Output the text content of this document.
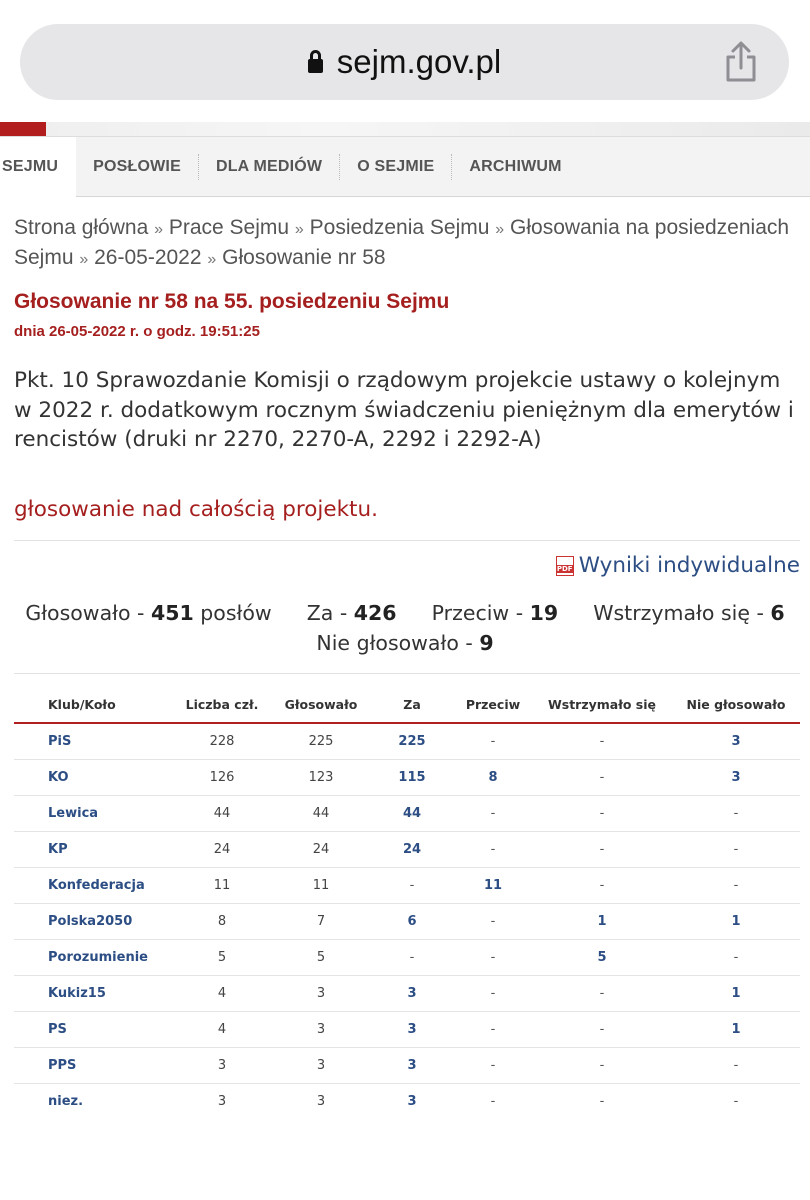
sejm.gov.pl
SEJMU	POSŁOWIE	DLA MEDIÓW	O SEJMIE	ARCHIWUM
Strona główna » Prace Sejmu » Posiedzenia Sejmu » Głosowania na posiedzeniach Sejmu » 26-05-2022 » Głosowanie nr 58
Głosowanie nr 58 na 55. posiedzeniu Sejmu
dnia 26-05-2022 r. o godz. 19:51:25
Pkt. 10 Sprawozdanie Komisji o rządowym projekcie ustawy o kolejnym w 2022 r. dodatkowym rocznym świadczeniu pieniężnym dla emerytów i rencistów (druki nr 2270, 2270-A, 2292 i 2292-A)
głosowanie nad całością projektu.
PDF Wyniki indywidualne
Głosowało - 451 posłów Za - 426 Przeciw - 19 Wstrzymało się - 6
Nie głosowało - 9
Klub/Koło	Liczba czł.	Głosowało	Za	Przeciw	Wstrzymało się	Nie głosowało
PiS	228	225	225	-	-	3
KO	126	123	115	8	-	3
Lewica	44	44	44	-	-	-
KP	24	24	24	-	-	-
Konfederacja	11	11	-	11	-	-
Polska2050	8	7	6	-	1	1
Porozumienie	5	5	-	-	5	-
Kukiz15	4	3	3	-	-	1
PS	4	3	3	-	-	1
PPS	3	3	3	-	-	-
niez.	3	3	3	-	-	-
